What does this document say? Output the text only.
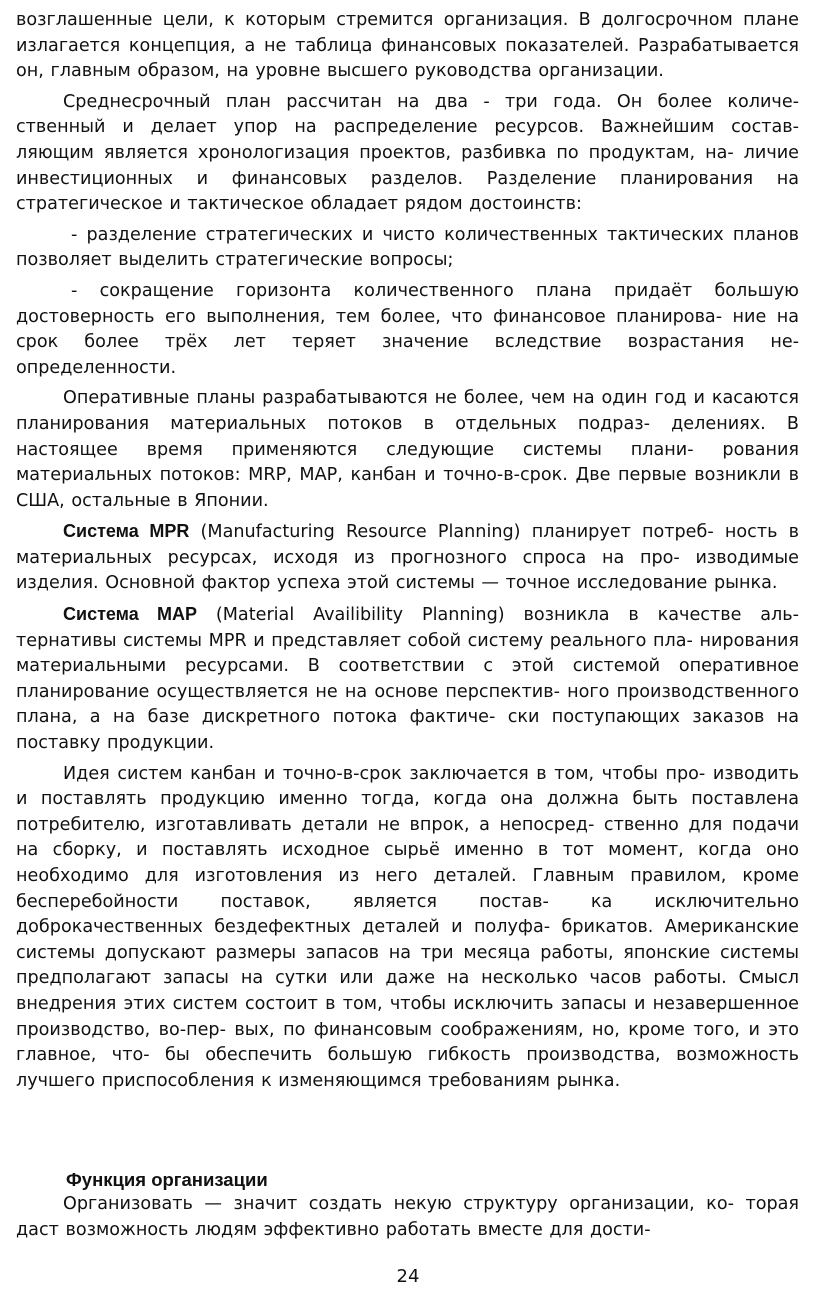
возглашенные цели, к которым стремится организация. В долгосрочном плане излагается концепция, а не таблица финансовых показателей. Разрабатывается он, главным образом, на уровне высшего руководства организации.

Среднесрочный план рассчитан на два - три года. Он более количе- ственный и делает упор на распределение ресурсов. Важнейшим состав- ляющим является хронологизация проектов, разбивка по продуктам, на- личие инвестиционных и финансовых разделов. Разделение планирования на стратегическое и тактическое обладает рядом достоинств:

- разделение стратегических и чисто количественных тактических планов позволяет выделить стратегические вопросы;

- сокращение горизонта количественного плана придаёт большую достоверность его выполнения, тем более, что финансовое планирова- ние на срок более трёх лет теряет значение вследствие возрастания не- определенности.

Оперативные планы разрабатываются не более, чем на один год и касаются планирования материальных потоков в отдельных подраз- делениях. В настоящее время применяются следующие системы плани- рования материальных потоков: MRP, MAP, канбан и точно-в-срок. Две первые возникли в США, остальные в Японии.

Система MPR (Manufacturing Resource Planning) планирует потреб- ность в материальных ресурсах, исходя из прогнозного спроса на про- изводимые изделия. Основной фактор успеха этой системы — точное исследование рынка.

Система MAP (Material Availibility Planning) возникла в качестве аль- тернативы системы MPR и представляет собой систему реального пла- нирования материальными ресурсами. В соответствии с этой системой оперативное планирование осуществляется не на основе перспектив- ного производственного плана, а на базе дискретного потока фактиче- ски поступающих заказов на поставку продукции.

Идея систем канбан и точно-в-срок заключается в том, чтобы про- изводить и поставлять продукцию именно тогда, когда она должна быть поставлена потребителю, изготавливать детали не впрок, а непосред- ственно для подачи на сборку, и поставлять исходное сырьё именно в тот момент, когда оно необходимо для изготовления из него деталей. Главным правилом, кроме бесперебойности поставок, является постав- ка исключительно доброкачественных бездефектных деталей и полуфа- брикатов. Американские системы допускают размеры запасов на три месяца работы, японские системы предполагают запасы на сутки или даже на несколько часов работы. Смысл внедрения этих систем состоит в том, чтобы исключить запасы и незавершенное производство, во-пер- вых, по финансовым соображениям, но, кроме того, и это главное, что- бы обеспечить большую гибкость производства, возможность лучшего приспособления к изменяющимся требованиям рынка.

Функция организации

Организовать — значит создать некую структуру организации, ко- торая даст возможность людям эффективно работать вместе для дости-

24
